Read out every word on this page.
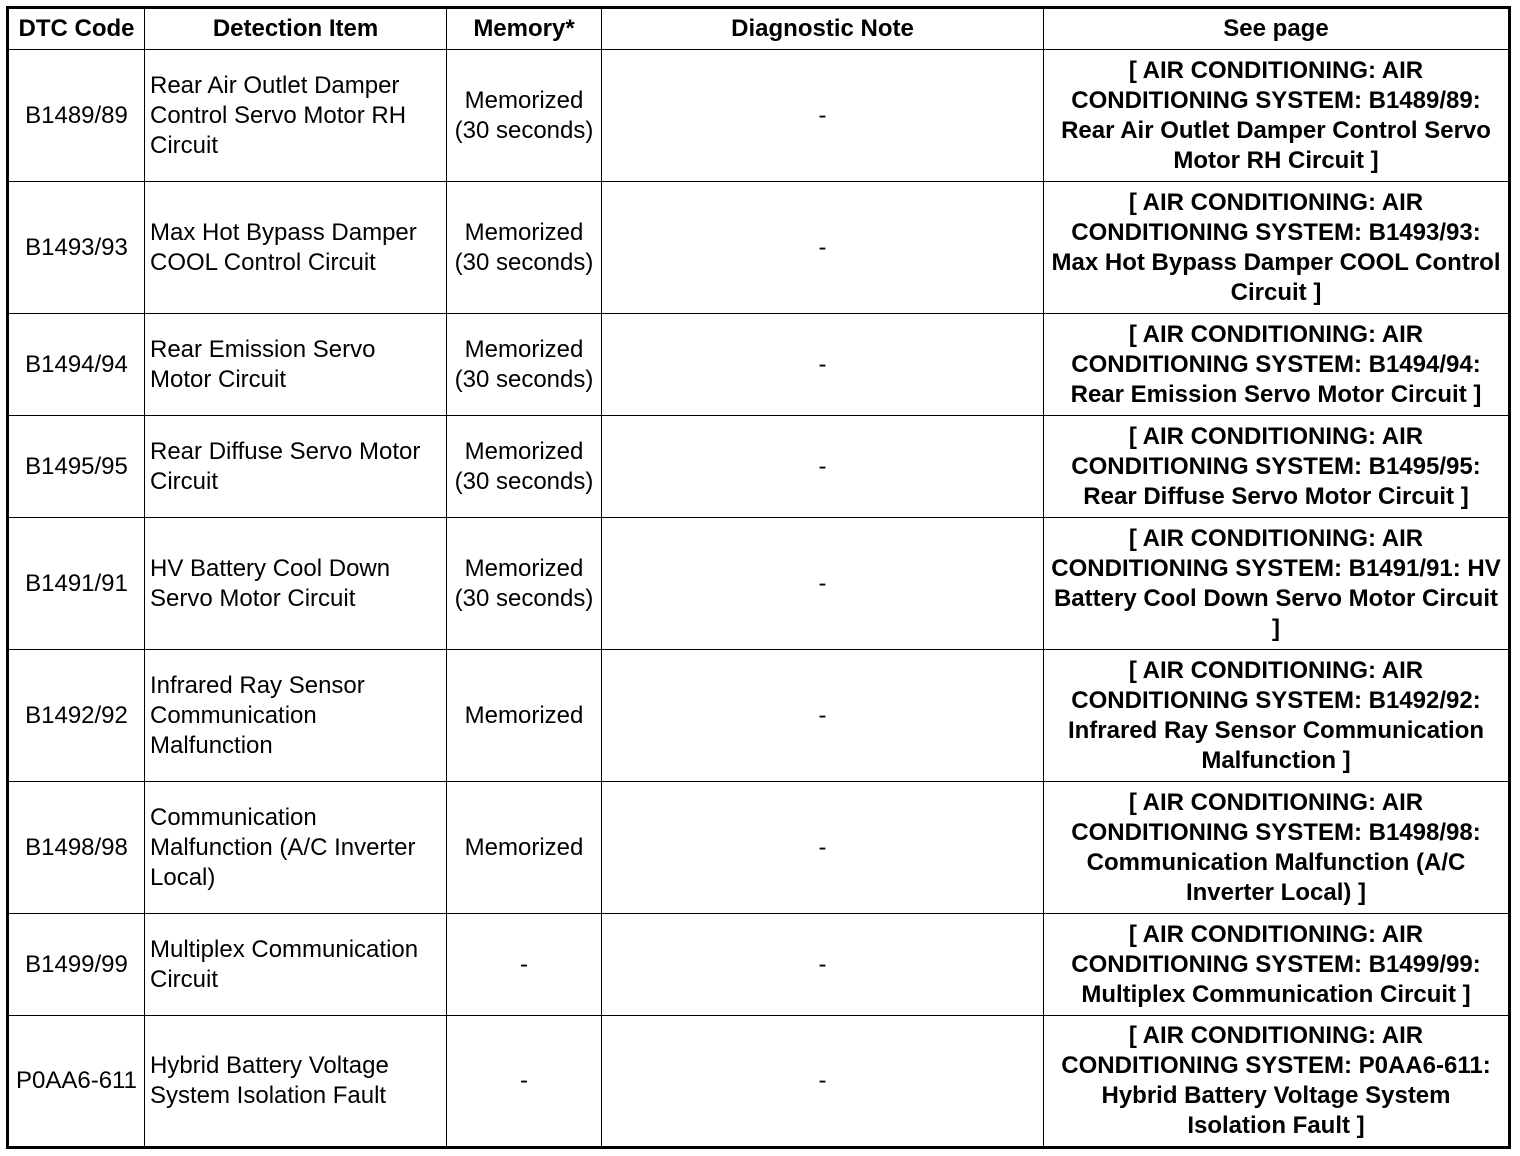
DTC Code	Detection Item	Memory*	Diagnostic Note	See page
B1489/89	Rear Air Outlet Damper Control Servo Motor RH Circuit	Memorized (30 seconds)	-	[ AIR CONDITIONING: AIR CONDITIONING SYSTEM: B1489/89: Rear Air Outlet Damper Control Servo Motor RH Circuit ]
B1493/93	Max Hot Bypass Damper COOL Control Circuit	Memorized (30 seconds)	-	[ AIR CONDITIONING: AIR CONDITIONING SYSTEM: B1493/93: Max Hot Bypass Damper COOL Control Circuit ]
B1494/94	Rear Emission Servo Motor Circuit	Memorized (30 seconds)	-	[ AIR CONDITIONING: AIR CONDITIONING SYSTEM: B1494/94: Rear Emission Servo Motor Circuit ]
B1495/95	Rear Diffuse Servo Motor Circuit	Memorized (30 seconds)	-	[ AIR CONDITIONING: AIR CONDITIONING SYSTEM: B1495/95: Rear Diffuse Servo Motor Circuit ]
B1491/91	HV Battery Cool Down Servo Motor Circuit	Memorized (30 seconds)	-	[ AIR CONDITIONING: AIR CONDITIONING SYSTEM: B1491/91: HV Battery Cool Down Servo Motor Circuit ]
B1492/92	Infrared Ray Sensor Communication Malfunction	Memorized	-	[ AIR CONDITIONING: AIR CONDITIONING SYSTEM: B1492/92: Infrared Ray Sensor Communication Malfunction ]
B1498/98	Communication Malfunction (A/C Inverter Local)	Memorized	-	[ AIR CONDITIONING: AIR CONDITIONING SYSTEM: B1498/98: Communication Malfunction (A/C Inverter Local) ]
B1499/99	Multiplex Communication Circuit	-	-	[ AIR CONDITIONING: AIR CONDITIONING SYSTEM: B1499/99: Multiplex Communication Circuit ]
P0AA6-611	Hybrid Battery Voltage System Isolation Fault	-	-	[ AIR CONDITIONING: AIR CONDITIONING SYSTEM: P0AA6-611: Hybrid Battery Voltage System Isolation Fault ]
